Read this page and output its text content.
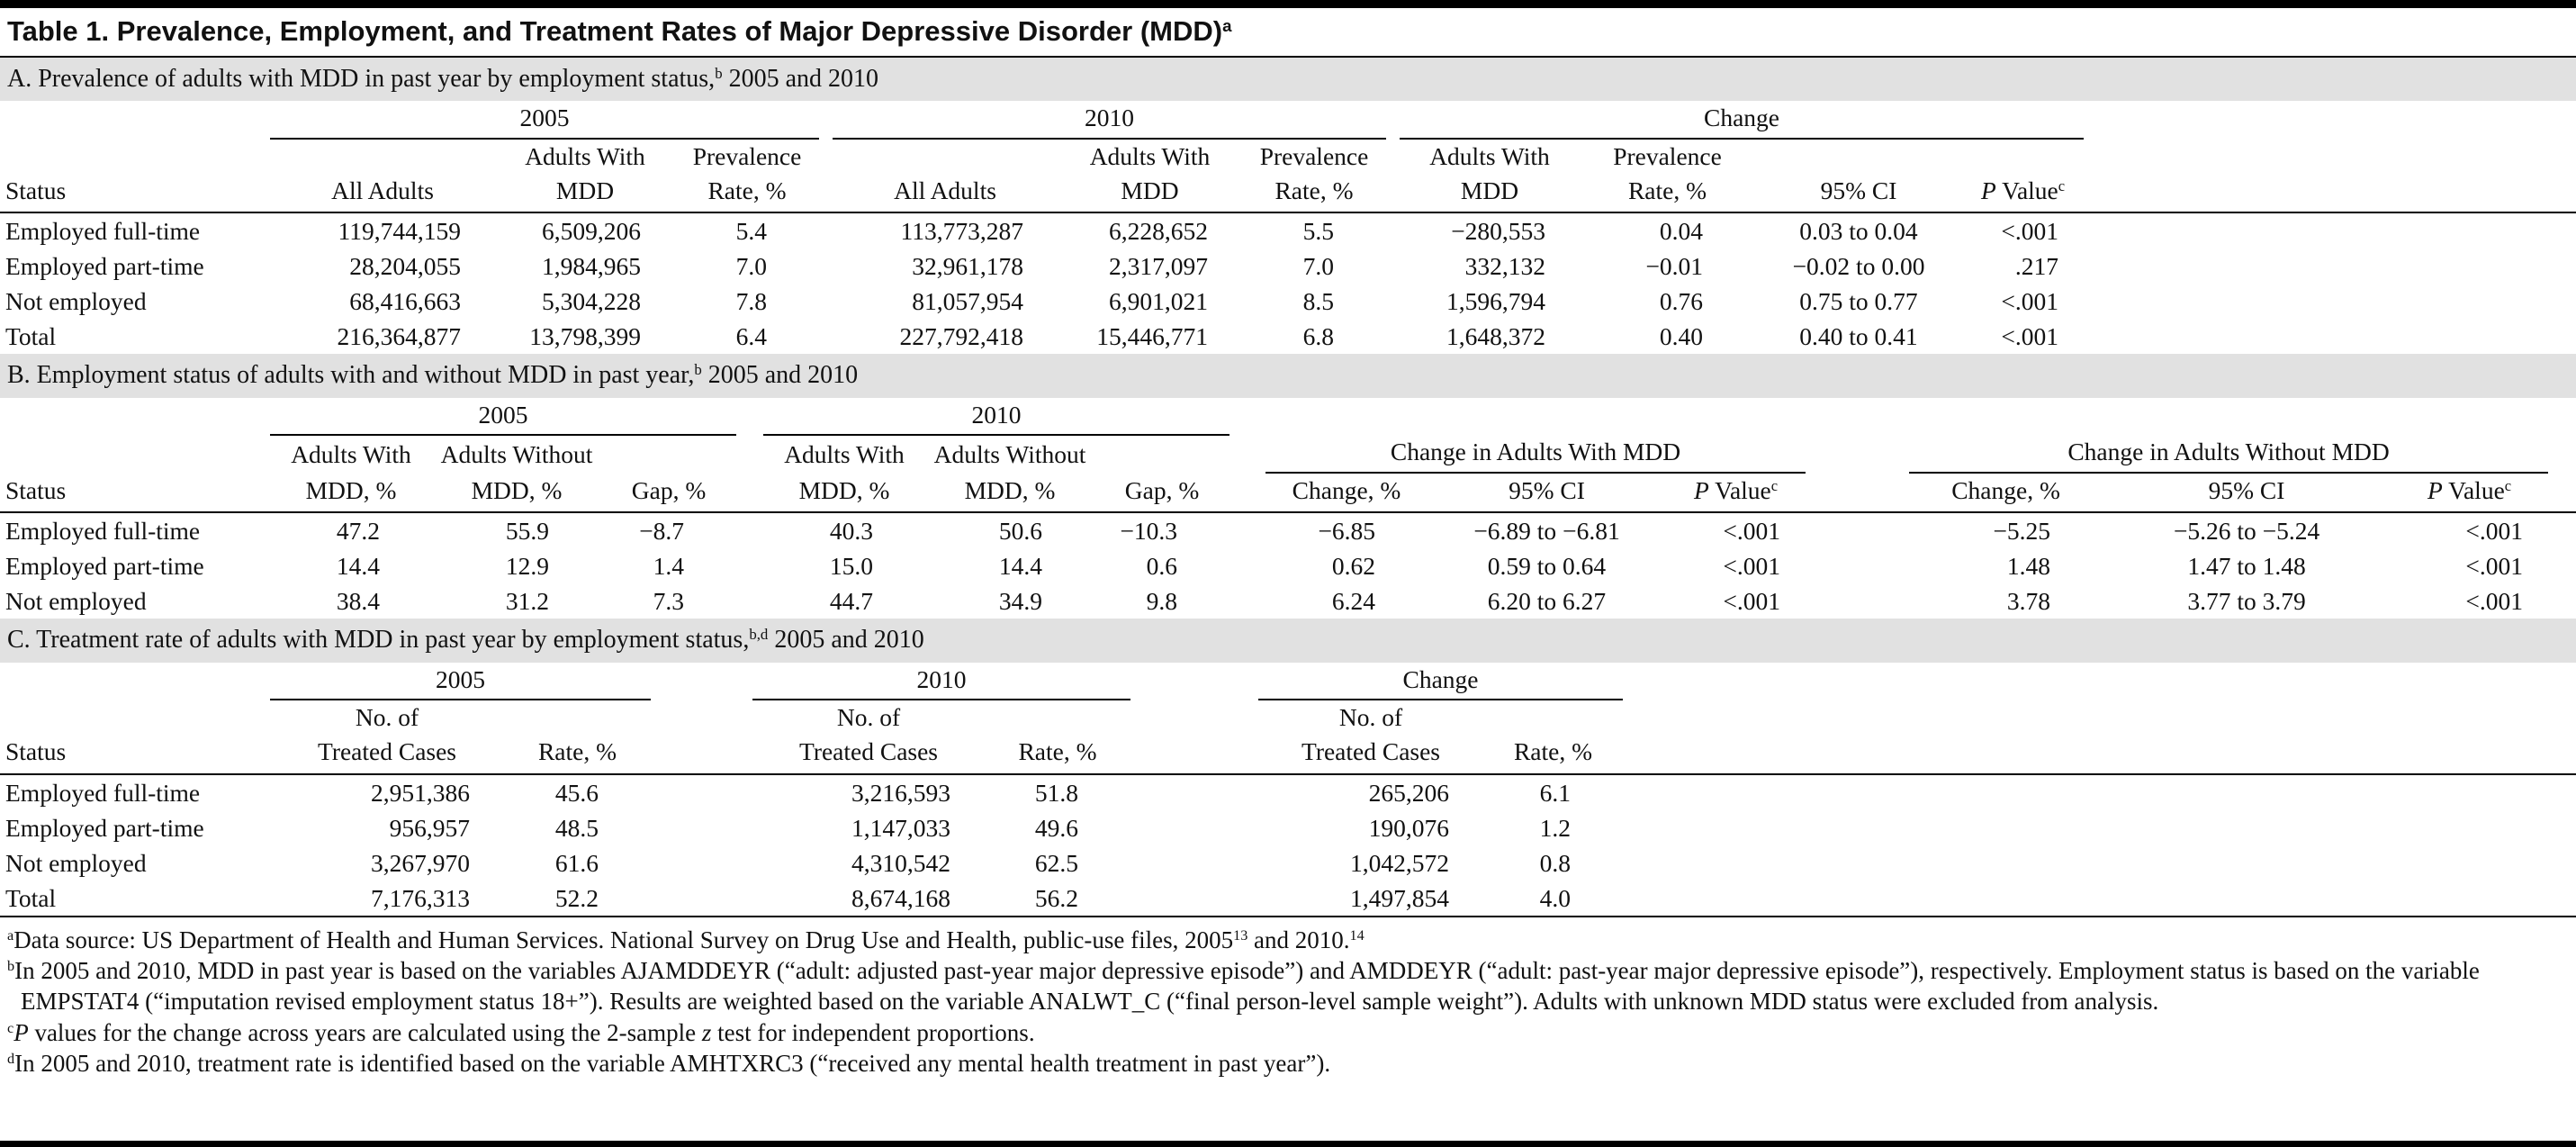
Table 1. Prevalence, Employment, and Treatment Rates of Major Depressive Disorder (MDD)$^a$
A. Prevalence of adults with MDD in past year by employment status,$^b$ 2005 and 2010
	2005				2010				Change				
		Adults With	Prevalence			Adults With	Prevalence		Adults With	Prevalence			
Status	All Adults	MDD	Rate, %		All Adults	MDD	Rate, %		MDD	Rate, %	95% CI	P Value$^c$	
Employed full-time	119,744,159	6,509,206	5.4		113,773,287	6,228,652	5.5		−280,553	0.04	0.03 to 0.04	<.001	
Employed part-time	28,204,055	1,984,965	7.0		32,961,178	2,317,097	7.0		332,132	−0.01	−0.02 to 0.00	.217	
Not employed	68,416,663	5,304,228	7.8		81,057,954	6,901,021	8.5		1,596,794	0.76	0.75 to 0.77	<.001	
Total	216,364,877	13,798,399	6.4		227,792,418	15,446,771	6.8		1,648,372	0.40	0.40 to 0.41	<.001	
B. Employment status of adults with and without MDD in past year,$^b$ 2005 and 2010
	2005				2010											
	Adults With	Adults Without			Adults With	Adults Without			Change in Adults With MDD				Change in Adults Without MDD			
Status	MDD, %	MDD, %	Gap, %		MDD, %	MDD, %	Gap, %		Change, %	95% CI	P Value$^c$		Change, %	95% CI	P Value$^c$	
Employed full-time	47.2	55.9	−8.7		40.3	50.6	−10.3		−6.85	−6.89 to −6.81	<.001		−5.25	−5.26 to −5.24	<.001	
Employed part-time	14.4	12.9	1.4		15.0	14.4	0.6		0.62	0.59 to 0.64	<.001		1.48	1.47 to 1.48	<.001	
Not employed	38.4	31.2	7.3		44.7	34.9	9.8		6.24	6.20 to 6.27	<.001		3.78	3.77 to 3.79	<.001	
C. Treatment rate of adults with MDD in past year by employment status,$^{b,d}$ 2005 and 2010
	2005			2010			Change		
	No. of			No. of			No. of		
Status	Treated Cases	Rate, %		Treated Cases	Rate, %		Treated Cases	Rate, %	
Employed full-time	2,951,386	45.6		3,216,593	51.8		265,206	6.1	
Employed part-time	956,957	48.5		1,147,033	49.6		190,076	1.2	
Not employed	3,267,970	61.6		4,310,542	62.5		1,042,572	0.8	
Total	7,176,313	52.2		8,674,168	56.2		1,497,854	4.0	
$^a$Data source: US Department of Health and Human Services. National Survey on Drug Use and Health, public-use files, 2005$^{13}$ and 2010.14
$^b$In 2005 and 2010, MDD in past year is based on the variables AJAMDDEYR (“adult: adjusted past-year major depressive episode”) and AMDDEYR (“adult: past-year major depressive episode”), respectively. Employment status is based on the variable EMPSTAT4 (“imputation revised employment status 18+”). Results are weighted based on the variable ANALWT_C (“final person-level sample weight”). Adults with unknown MDD status were excluded from analysis.
$^c$P values for the change across years are calculated using the 2-sample z test for independent proportions.
$^d$In 2005 and 2010, treatment rate is identified based on the variable AMHTXRC3 (“received any mental health treatment in past year”).
